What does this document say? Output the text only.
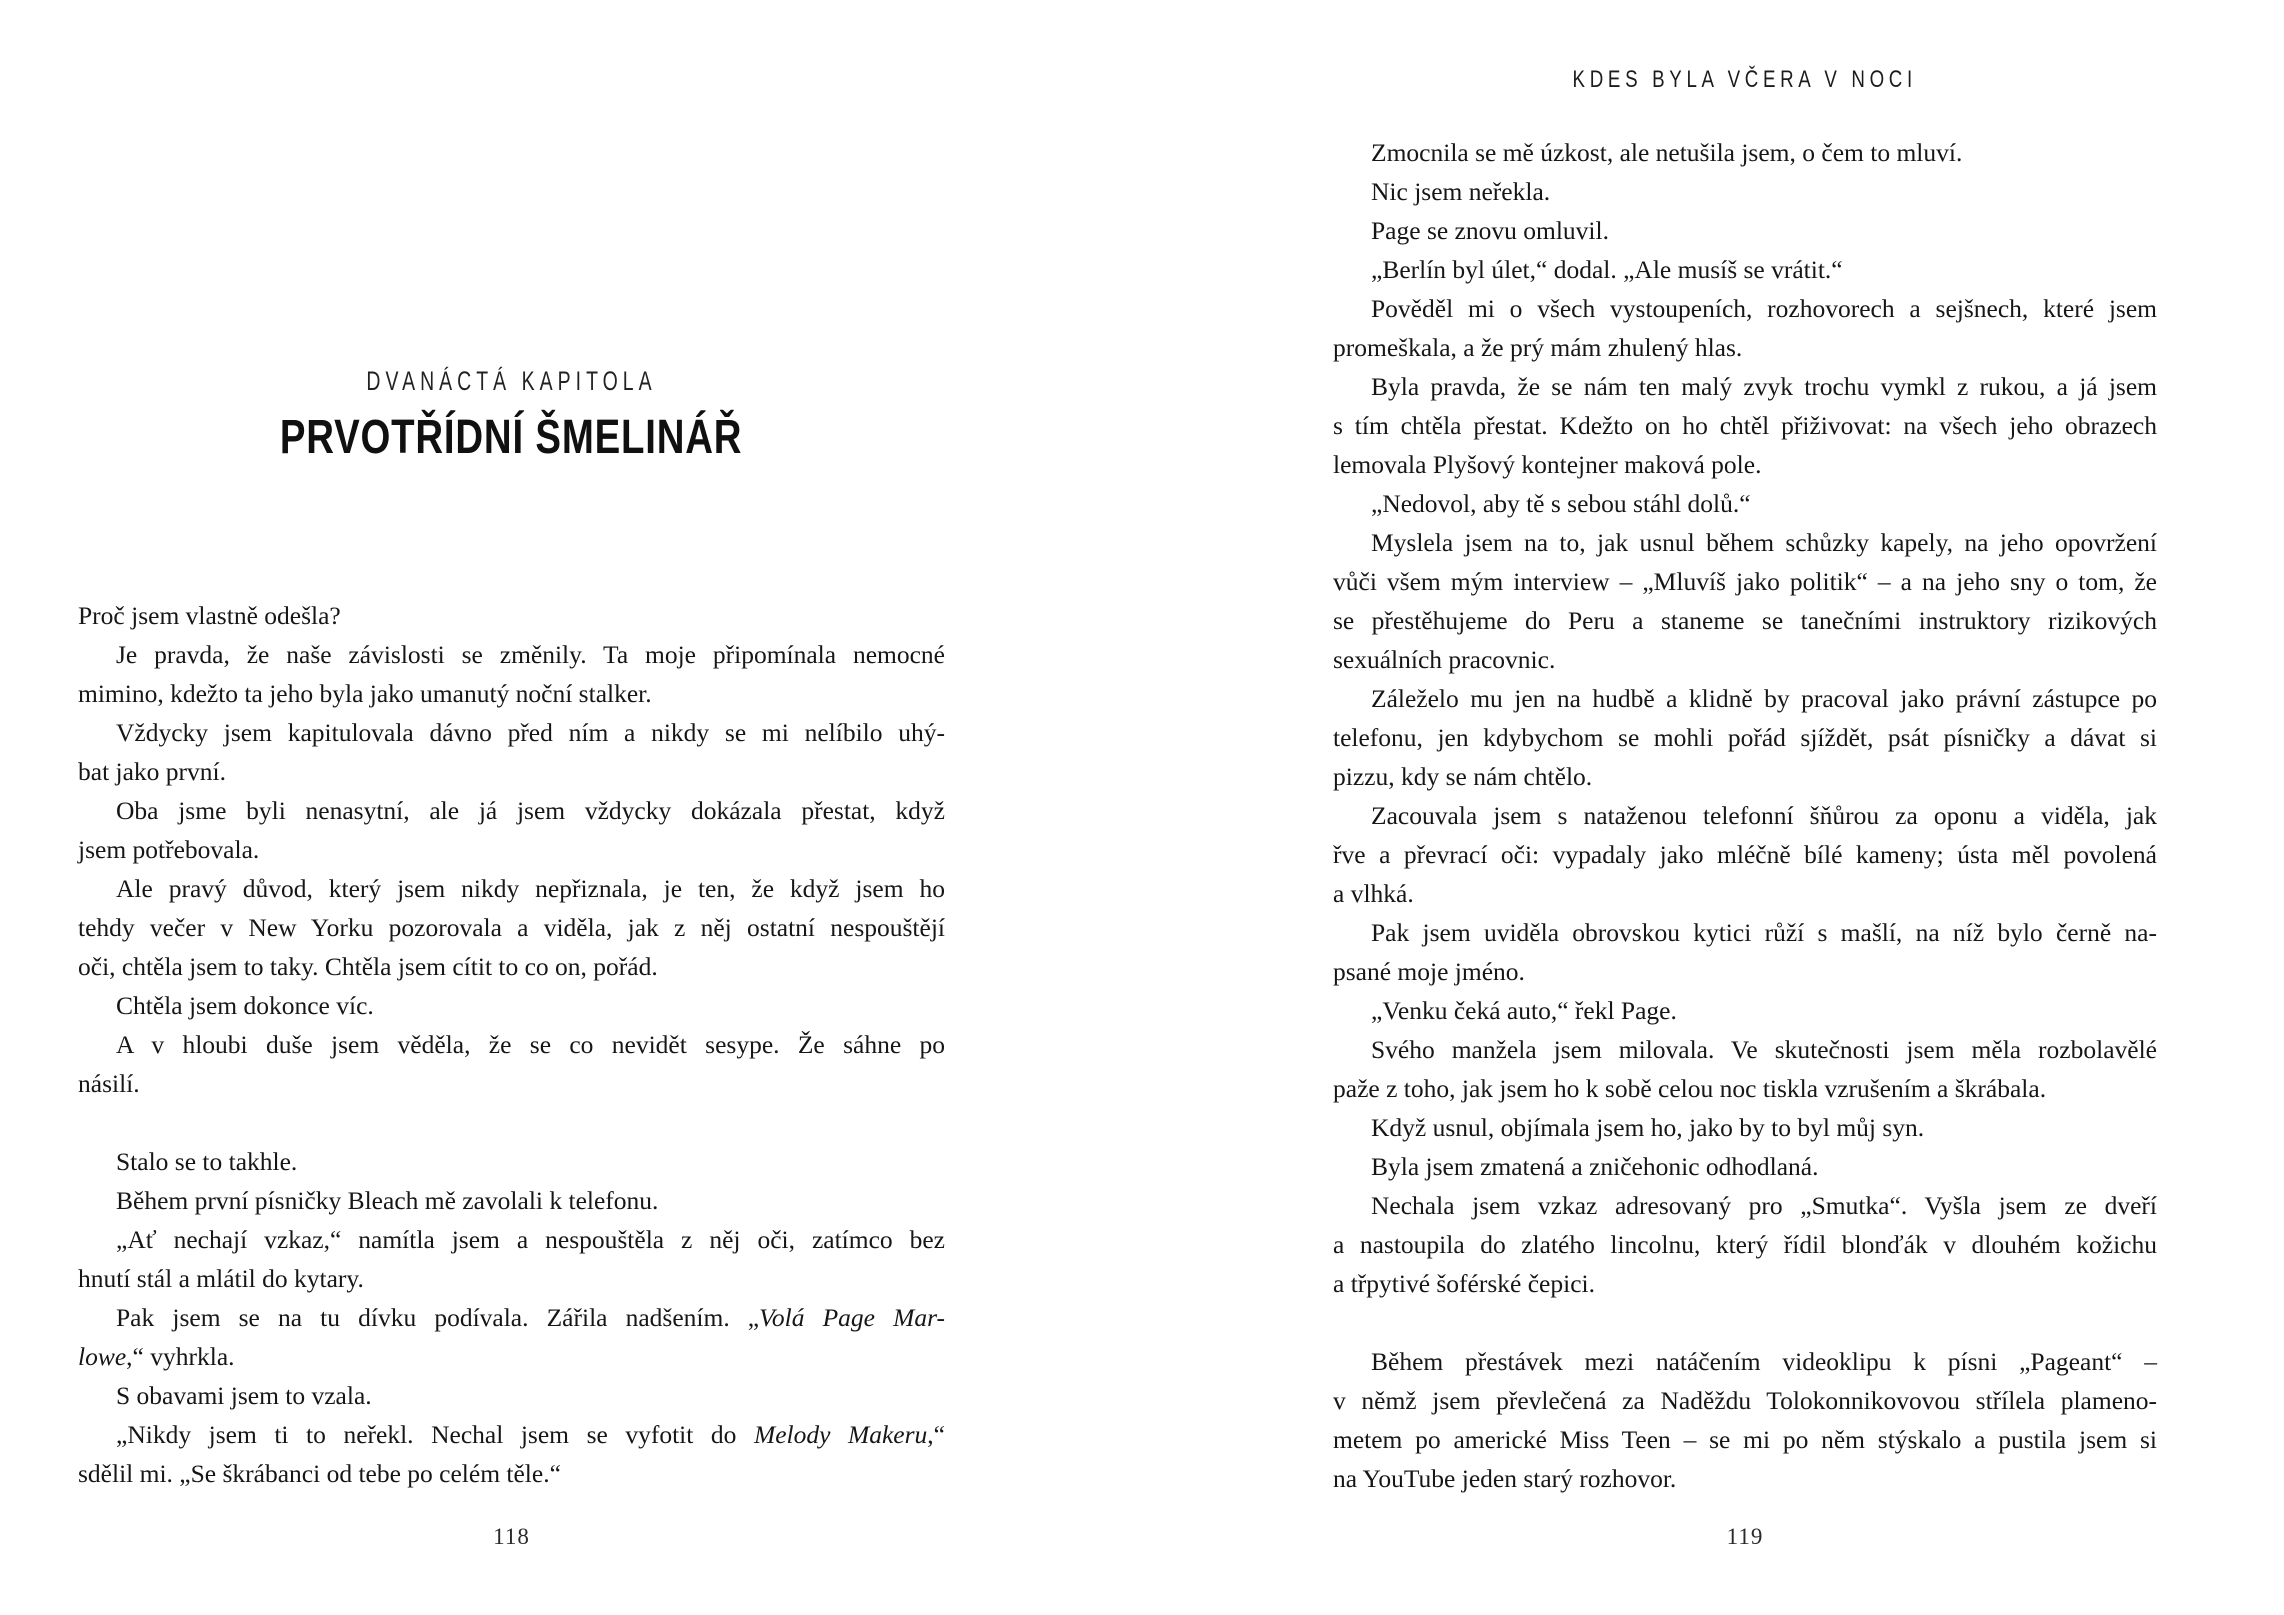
DVANÁCTÁ KAPITOLA
PRVOTŘÍDNÍ ŠMELINÁŘ
Proč jsem vlastně odešla?
Je pravda, že naše závislosti se změnily. Ta moje připomínala nemocné
mimino, kdežto ta jeho byla jako umanutý noční stalker.
Vždycky jsem kapitulovala dávno před ním a nikdy se mi nelíbilo uhý-
bat jako první.
Oba jsme byli nenasytní, ale já jsem vždycky dokázala přestat, když
jsem potřebovala.
Ale pravý důvod, který jsem nikdy nepřiznala, je ten, že když jsem ho
tehdy večer v New Yorku pozorovala a viděla, jak z něj ostatní nespouštějí
oči, chtěla jsem to taky. Chtěla jsem cítit to co on, pořád.
Chtěla jsem dokonce víc.
A v hloubi duše jsem věděla, že se co nevidět sesype. Že sáhne po
násilí.
Stalo se to takhle.
Během první písničky Bleach mě zavolali k telefonu.
„Ať nechají vzkaz,“ namítla jsem a nespouštěla z něj oči, zatímco bez
hnutí stál a mlátil do kytary.
Pak jsem se na tu dívku podívala. Zářila nadšením. „Volá Page Mar-
lowe,“ vyhrkla.
S obavami jsem to vzala.
„Nikdy jsem ti to neřekl. Nechal jsem se vyfotit do Melody Makeru,“
sdělil mi. „Se škrábanci od tebe po celém těle.“
118
KDES BYLA VČERA V NOCI
Zmocnila se mě úzkost, ale netušila jsem, o čem to mluví.
Nic jsem neřekla.
Page se znovu omluvil.
„Berlín byl úlet,“ dodal. „Ale musíš se vrátit.“
Pověděl mi o všech vystoupeních, rozhovorech a sejšnech, které jsem
promeškala, a že prý mám zhulený hlas.
Byla pravda, že se nám ten malý zvyk trochu vymkl z rukou, a já jsem
s tím chtěla přestat. Kdežto on ho chtěl přiživovat: na všech jeho obrazech
lemovala Plyšový kontejner maková pole.
„Nedovol, aby tě s sebou stáhl dolů.“
Myslela jsem na to, jak usnul během schůzky kapely, na jeho opovržení
vůči všem mým interview – „Mluvíš jako politik“ – a na jeho sny o tom, že
se přestěhujeme do Peru a staneme se tanečními instruktory rizikových
sexuálních pracovnic.
Záleželo mu jen na hudbě a klidně by pracoval jako právní zástupce po
telefonu, jen kdybychom se mohli pořád sjíždět, psát písničky a dávat si
pizzu, kdy se nám chtělo.
Zacouvala jsem s nataženou telefonní šňůrou za oponu a viděla, jak
řve a převrací oči: vypadaly jako mléčně bílé kameny; ústa měl povolená
a vlhká.
Pak jsem uviděla obrovskou kytici růží s mašlí, na níž bylo černě na-
psané moje jméno.
„Venku čeká auto,“ řekl Page.
Svého manžela jsem milovala. Ve skutečnosti jsem měla rozbolavělé
paže z toho, jak jsem ho k sobě celou noc tiskla vzrušením a škrábala.
Když usnul, objímala jsem ho, jako by to byl můj syn.
Byla jsem zmatená a zničehonic odhodlaná.
Nechala jsem vzkaz adresovaný pro „Smutka“. Vyšla jsem ze dveří
a nastoupila do zlatého lincolnu, který řídil blonďák v dlouhém kožichu
a třpytivé šoférské čepici.
Během přestávek mezi natáčením videoklipu k písni „Pageant“ –
v němž jsem převlečená za Naděždu Tolokonnikovovou střílela plameno-
metem po americké Miss Teen – se mi po něm stýskalo a pustila jsem si
na YouTube jeden starý rozhovor.
119
